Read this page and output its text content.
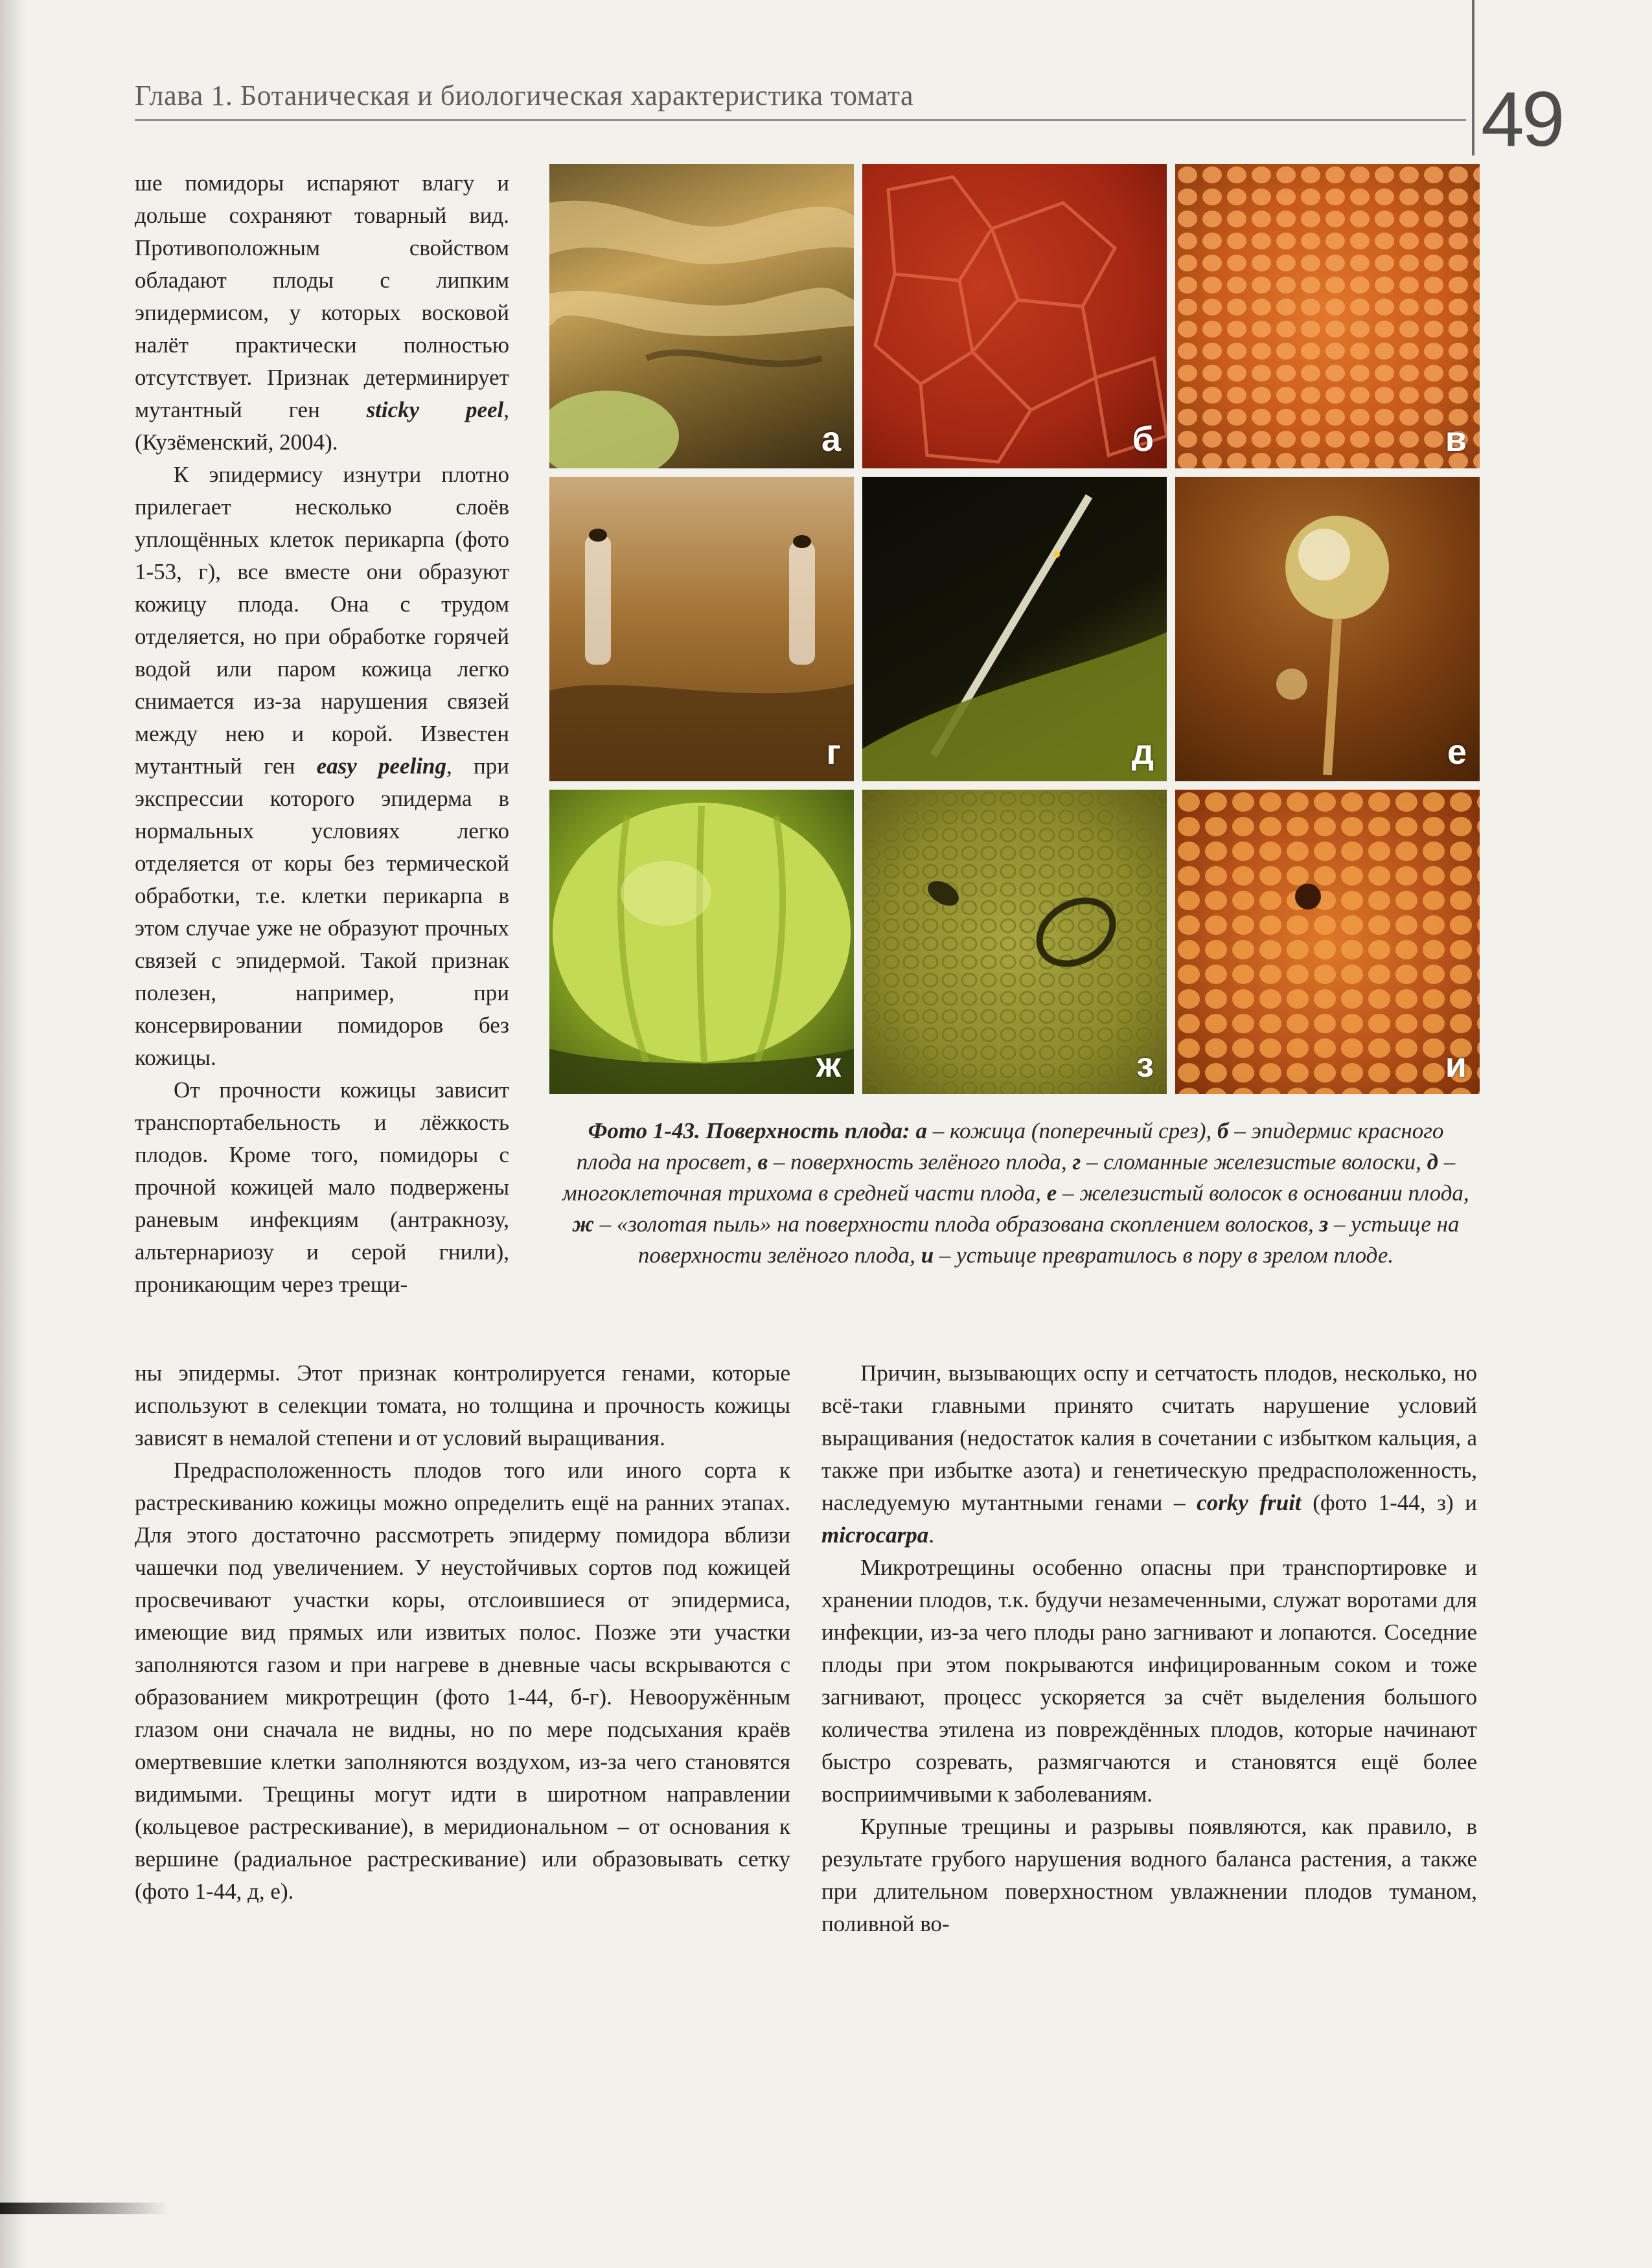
Глава 1. Ботаническая и биологическая характеристика томата	49

ше помидоры испаряют влагу и дольше сохраняют товарный вид. Противоположным свойством обладают плоды с липким эпидермисом, у которых восковой налёт практически полностью отсутствует. Признак детерминирует мутантный ген sticky peel, (Кузёменский, 2004).

К эпидермису изнутри плотно прилегает несколько слоёв уплощённых клеток перикарпа (фото 1-53, г), все вместе они образуют кожицу плода. Она с трудом отделяется, но при обработке горячей водой или паром кожица легко снимается из-за нарушения связей между нею и корой. Известен мутантный ген easy peeling, при экспрессии которого эпидерма в нормальных условиях легко отделяется от коры без термической обработки, т.е. клетки перикарпа в этом случае уже не образуют прочных связей с эпидермой. Такой признак полезен, например, при консервировании помидоров без кожицы.

От прочности кожицы зависит транспортабельность и лёжкость плодов. Кроме того, помидоры с прочной кожицей мало подвержены раневым инфекциям (антракнозу, альтернариозу и серой гнили), проникающим через трещи-

а	б	в
г	д	е
ж	з	и
Фото 1-43. Поверхность плода: а – кожица (поперечный срез), б – эпидермис красного плода на просвет, в – поверхность зелёного плода, г – сломанные железистые волоски, д – многоклеточная трихома в средней части плода, е – железистый волосок в основании плода, ж – «золотая пыль» на поверхности плода образована скоплением волосков, з – устьице на поверхности зелёного плода, и – устьице превратилось в пору в зрелом плоде.

ны эпидермы. Этот признак контролируется генами, которые используют в селекции томата, но толщина и прочность кожицы зависят в немалой степени и от условий выращивания.

Предрасположенность плодов того или иного сорта к растрескиванию кожицы можно определить ещё на ранних этапах. Для этого достаточно рассмотреть эпидерму помидора вблизи чашечки под увеличением. У неустойчивых сортов под кожицей просвечивают участки коры, отслоившиеся от эпидермиса, имеющие вид прямых или извитых полос. Позже эти участки заполняются газом и при нагреве в дневные часы вскрываются с образованием микротрещин (фото 1-44, б-г). Невооружённым глазом они сначала не видны, но по мере подсыхания краёв омертвевшие клетки заполняются воздухом, из-за чего становятся видимыми. Трещины могут идти в широтном направлении (кольцевое растрескивание), в меридиональном – от основания к вершине (радиальное растрескивание) или образовывать сетку (фото 1-44, д, е).

Причин, вызывающих оспу и сетчатость плодов, несколько, но всё-таки главными принято считать нарушение условий выращивания (недостаток калия в сочетании с избытком кальция, а также при избытке азота) и генетическую предрасположенность, наследуемую мутантными генами – corky fruit (фото 1-44, з) и microcarpa.

Микротрещины особенно опасны при транспортировке и хранении плодов, т.к. будучи незамеченными, служат воротами для инфекции, из-за чего плоды рано загнивают и лопаются. Соседние плоды при этом покрываются инфицированным соком и тоже загнивают, процесс ускоряется за счёт выделения большого количества этилена из повреждённых плодов, которые начинают быстро созревать, размягчаются и становятся ещё более восприимчивыми к заболеваниям.

Крупные трещины и разрывы появляются, как правило, в результате грубого нарушения водного баланса растения, а также при длительном поверхностном увлажнении плодов туманом, поливной во-
